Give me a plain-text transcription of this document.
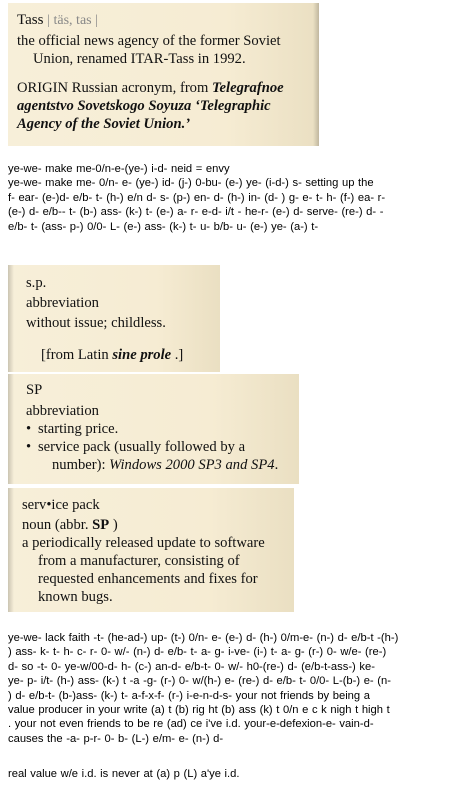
Tass | täs, tas |
the official news agency of the former Soviet
Union, renamed ITAR-Tass in 1992.
ORIGIN Russian acronym, from Telegrafnoe
agentstvo Sovetskogo Soyuza ‘Telegraphic
Agency of the Soviet Union.’
ye-we- make me-0/n-e-(ye-) i-d- neid = envy
ye-we- make me- 0/n- e- (ye-) id- (j-) 0-bu- (e-) ye- (i-d-) s- setting up the
f- ear- (e-)d- e/b- t- (h-) e/n d- s- (p-) en- d- (h-) in- (d- ) g- e- t- h- (f-) ea- r-
(e-) d- e/b-- t- (b-) ass- (k-) t- (e-) a- r- e-d- i/t - he-r- (e-) d- serve- (re-) d- -
e/b- t- (ass- p-) 0/0- L- (e-) ass- (k-) t- u- b/b- u- (e-) ye- (a-) t-
s.p.
abbreviation
without issue; childless.
[from Latin sine prole .]
SP
abbreviation
• starting price.
• service pack (usually followed by a
number): Windows 2000 SP3 and SP4.
serv•ice pack
noun (abbr. SP )
a periodically released update to software
from a manufacturer, consisting of
requested enhancements and fixes for
known bugs.
ye-we- lack faith -t- (he-ad-) up- (t-) 0/n- e- (e-) d- (h-) 0/m-e- (n-) d- e/b-t -(h-)
) ass- k- t- h- c- r- 0- w/- (n-) d- e/b- t- a- g- i-ve- (i-) t- a- g- (r-) 0- w/e- (re-)
d- so -t- 0- ye-w/00-d- h- (c-) an-d- e/b-t- 0- w/- h0-(re-) d- (e/b-t-ass-) ke-
ye- p- i/t- (h-) ass- (k-) t -a -g- (r-) 0- w/(h-) e- (re-) d- e/b- t- 0/0- L-(b-) e- (n-
) d- e/b-t- (b-)ass- (k-) t- a-f-x-f- (r-) i-e-n-d-s- your not friends by being a
value producer in your write (a) t (b) rig ht (b) ass (k) t 0/n e c k nigh t high t
. your not even friends to be re (ad) ce i've i.d. your-e-defexion-e- vain-d-
causes the -a- p-r- 0- b- (L-) e/m- e- (n-) d-
real value w/e i.d. is never at (a) p (L) a'ye i.d.
